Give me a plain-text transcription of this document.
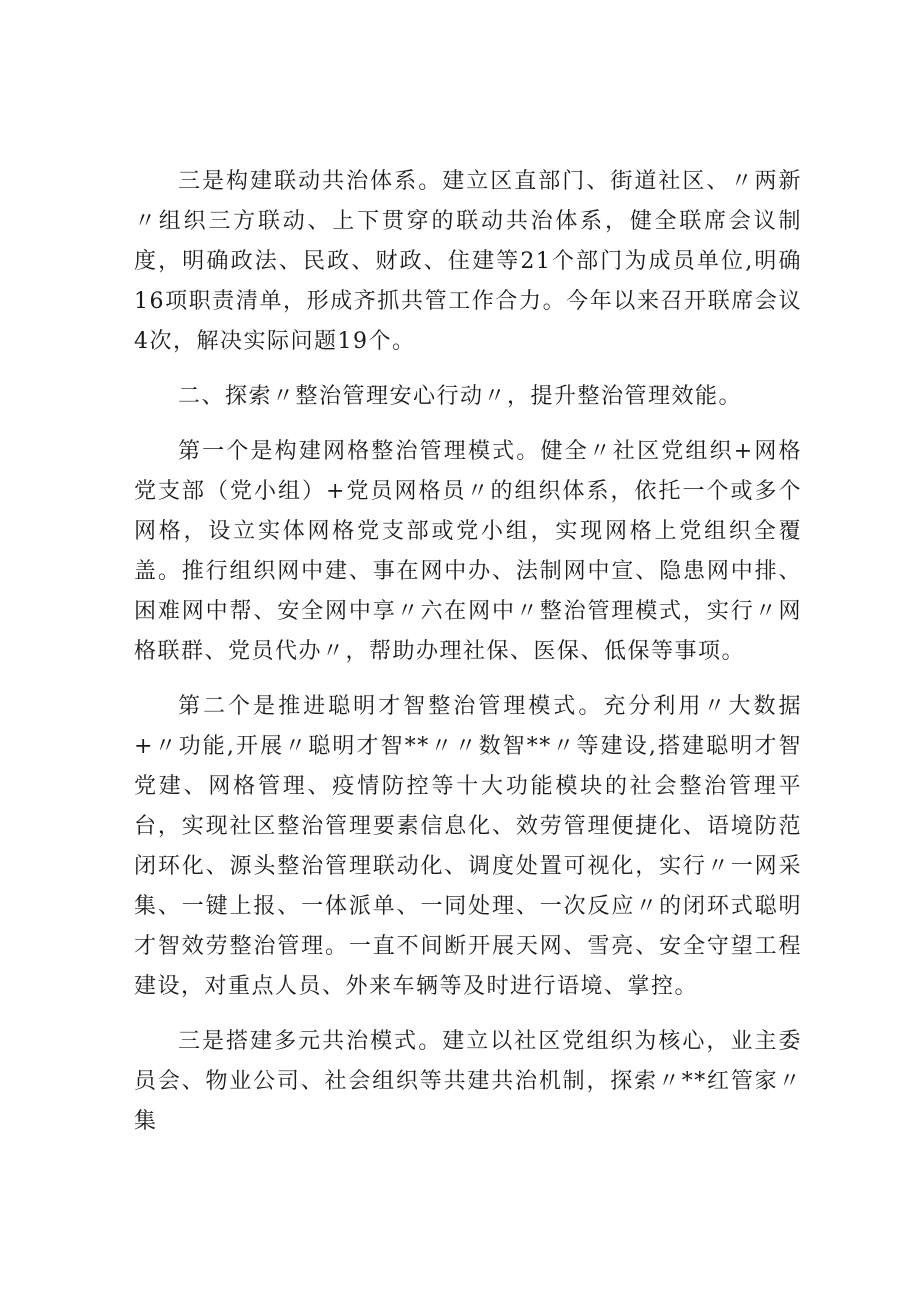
三是构建联动共治体系。建立区直部门、街道社区、〃两新〃组织三方联动、上下贯穿的联动共治体系，健全联席会议制度，明确政法、民政、财政、住建等21个部门为成员单位,明确16项职责清单，形成齐抓共管工作合力。今年以来召开联席会议4次，解决实际问题19个。

二、探索〃整治管理安心行动〃，提升整治管理效能。

第一个是构建网格整治管理模式。健全〃社区党组织+网格党支部（党小组）+党员网格员〃的组织体系，依托一个或多个网格，设立实体网格党支部或党小组，实现网格上党组织全覆盖。推行组织网中建、事在网中办、法制网中宣、隐患网中排、困难网中帮、安全网中享〃六在网中〃整治管理模式，实行〃网格联群、党员代办〃，帮助办理社保、医保、低保等事项。

第二个是推进聪明才智整治管理模式。充分利用〃大数据+〃功能,开展〃聪明才智**〃〃数智**〃等建设,搭建聪明才智党建、网格管理、疫情防控等十大功能模块的社会整治管理平台，实现社区整治管理要素信息化、效劳管理便捷化、语境防范闭环化、源头整治管理联动化、调度处置可视化，实行〃一网采集、一键上报、一体派单、一同处理、一次反应〃的闭环式聪明才智效劳整治管理。一直不间断开展天网、雪亮、安全守望工程建设，对重点人员、外来车辆等及时进行语境、掌控。

三是搭建多元共治模式。建立以社区党组织为核心，业主委员会、物业公司、社会组织等共建共治机制，探索〃**红管家〃集
